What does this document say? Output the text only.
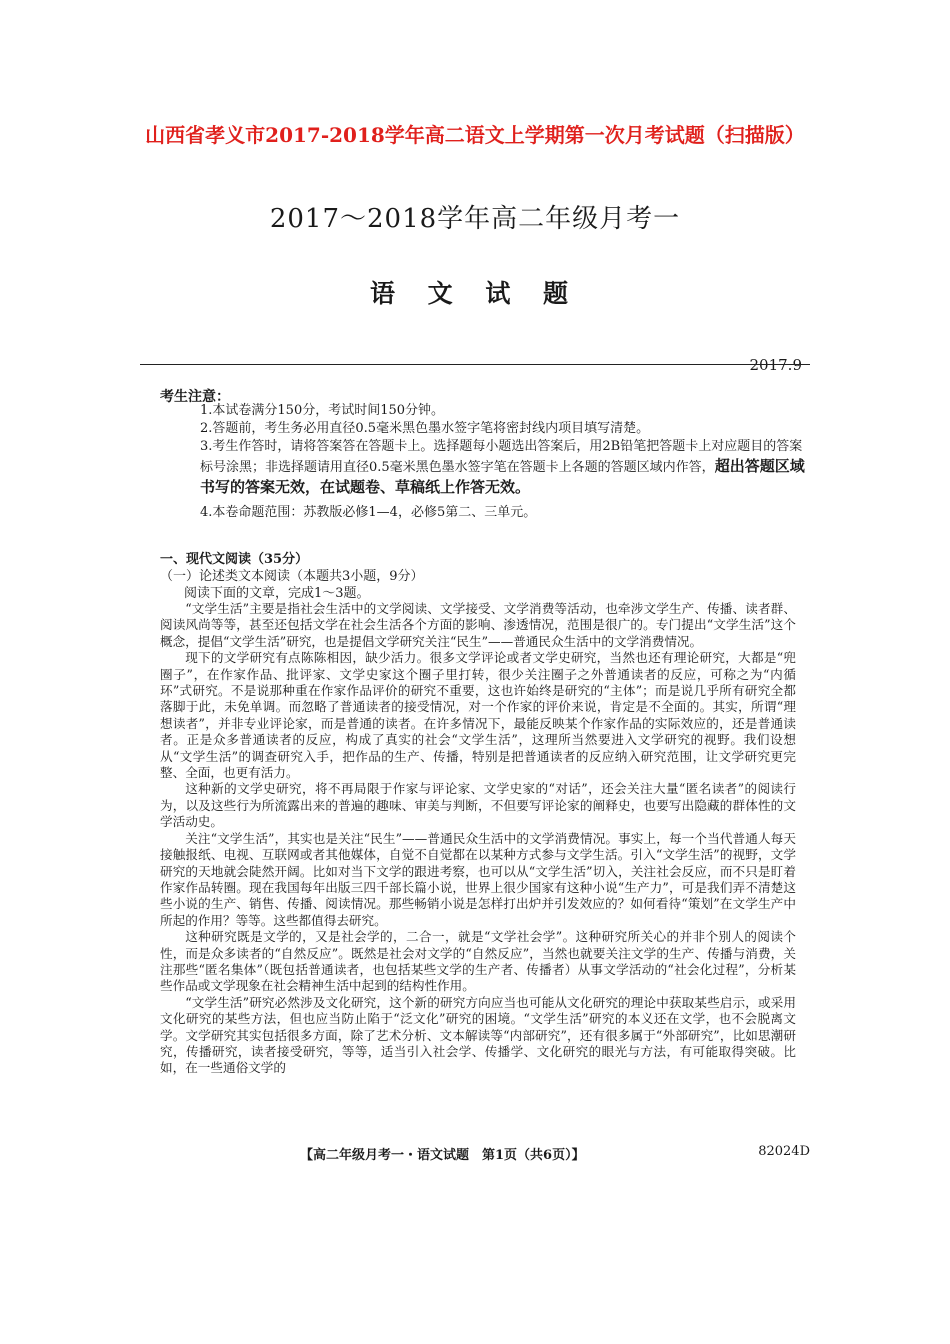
山西省孝义市2017-2018学年高二语文上学期第一次月考试题（扫描版）
2017～2018学年高二年级月考一
语 文 试 题
2017.9
考生注意：

1.本试卷满分150分，考试时间150分钟。

2.答题前，考生务必用直径0.5毫米黑色墨水签字笔将密封线内项目填写清楚。

3.考生作答时，请将答案答在答题卡上。选择题每小题选出答案后，用2B铅笔把答题卡上对应题目的答案标号涂黑；非选择题请用直径0.5毫米黑色墨水签字笔在答题卡上各题的答题区域内作答，超出答题区域书写的答案无效，在试题卷、草稿纸上作答无效。

4.本卷命题范围：苏教版必修1—4，必修5第二、三单元。

一、现代文阅读（35分）
（一）论述类文本阅读（本题共3小题，9分）
阅读下面的文章，完成1～3题。

“文学生活”主要是指社会生活中的文学阅读、文学接受、文学消费等活动，也牵涉文学生产、传播、读者群、阅读风尚等等，甚至还包括文学在社会生活各个方面的影响、渗透情况，范围是很广的。专门提出“文学生活”这个概念，提倡“文学生活”研究，也是提倡文学研究关注“民生”——普通民众生活中的文学消费情况。

现下的文学研究有点陈陈相因，缺少活力。很多文学评论或者文学史研究，当然也还有理论研究，大都是“兜圈子”，在作家作品、批评家、文学史家这个圈子里打转，很少关注圈子之外普通读者的反应，可称之为“内循环”式研究。不是说那种重在作家作品评价的研究不重要，这也许始终是研究的“主体”；而是说几乎所有研究全都落脚于此，未免单调。而忽略了普通读者的接受情况，对一个作家的评价来说，肯定是不全面的。其实，所谓“理想读者”，并非专业评论家，而是普通的读者。在许多情况下，最能反映某个作家作品的实际效应的，还是普通读者。正是众多普通读者的反应，构成了真实的社会“文学生活”，这理所当然要进入文学研究的视野。我们设想从“文学生活”的调查研究入手，把作品的生产、传播，特别是把普通读者的反应纳入研究范围，让文学研究更完整、全面，也更有活力。

这种新的文学史研究，将不再局限于作家与评论家、文学史家的“对话”，还会关注大量“匿名读者”的阅读行为，以及这些行为所流露出来的普遍的趣味、审美与判断，不但要写评论家的阐释史，也要写出隐藏的群体性的文学活动史。

关注“文学生活”，其实也是关注“民生”——普通民众生活中的文学消费情况。事实上，每一个当代普通人每天接触报纸、电视、互联网或者其他媒体，自觉不自觉都在以某种方式参与文学生活。引入“文学生活”的视野，文学研究的天地就会陡然开阔。比如对当下文学的跟进考察，也可以从“文学生活”切入，关注社会反应，而不只是盯着作家作品转圈。现在我国每年出版三四千部长篇小说，世界上很少国家有这种小说“生产力”，可是我们弄不清楚这些小说的生产、销售、传播、阅读情况。那些畅销小说是怎样打出炉并引发效应的？如何看待“策划”在文学生产中所起的作用？等等。这些都值得去研究。

这种研究既是文学的，又是社会学的，二合一，就是“文学社会学”。这种研究所关心的并非个别人的阅读个性，而是众多读者的“自然反应”。既然是社会对文学的“自然反应”，当然也就要关注文学的生产、传播与消费，关注那些“匿名集体”（既包括普通读者，也包括某些文学的生产者、传播者）从事文学活动的“社会化过程”，分析某些作品或文学现象在社会精神生活中起到的结构性作用。

“文学生活”研究必然涉及文化研究，这个新的研究方向应当也可能从文化研究的理论中获取某些启示，或采用文化研究的某些方法，但也应当防止陷于“泛文化”研究的困境。“文学生活”研究的本义还在文学，也不会脱离文学。文学研究其实包括很多方面，除了艺术分析、文本解读等“内部研究”，还有很多属于“外部研究”，比如思潮研究，传播研究，读者接受研究，等等，适当引入社会学、传播学、文化研究的眼光与方法，有可能取得突破。比如，在一些通俗文学的

【高二年级月考一・语文试题　第1页（共6页）】	82024D
